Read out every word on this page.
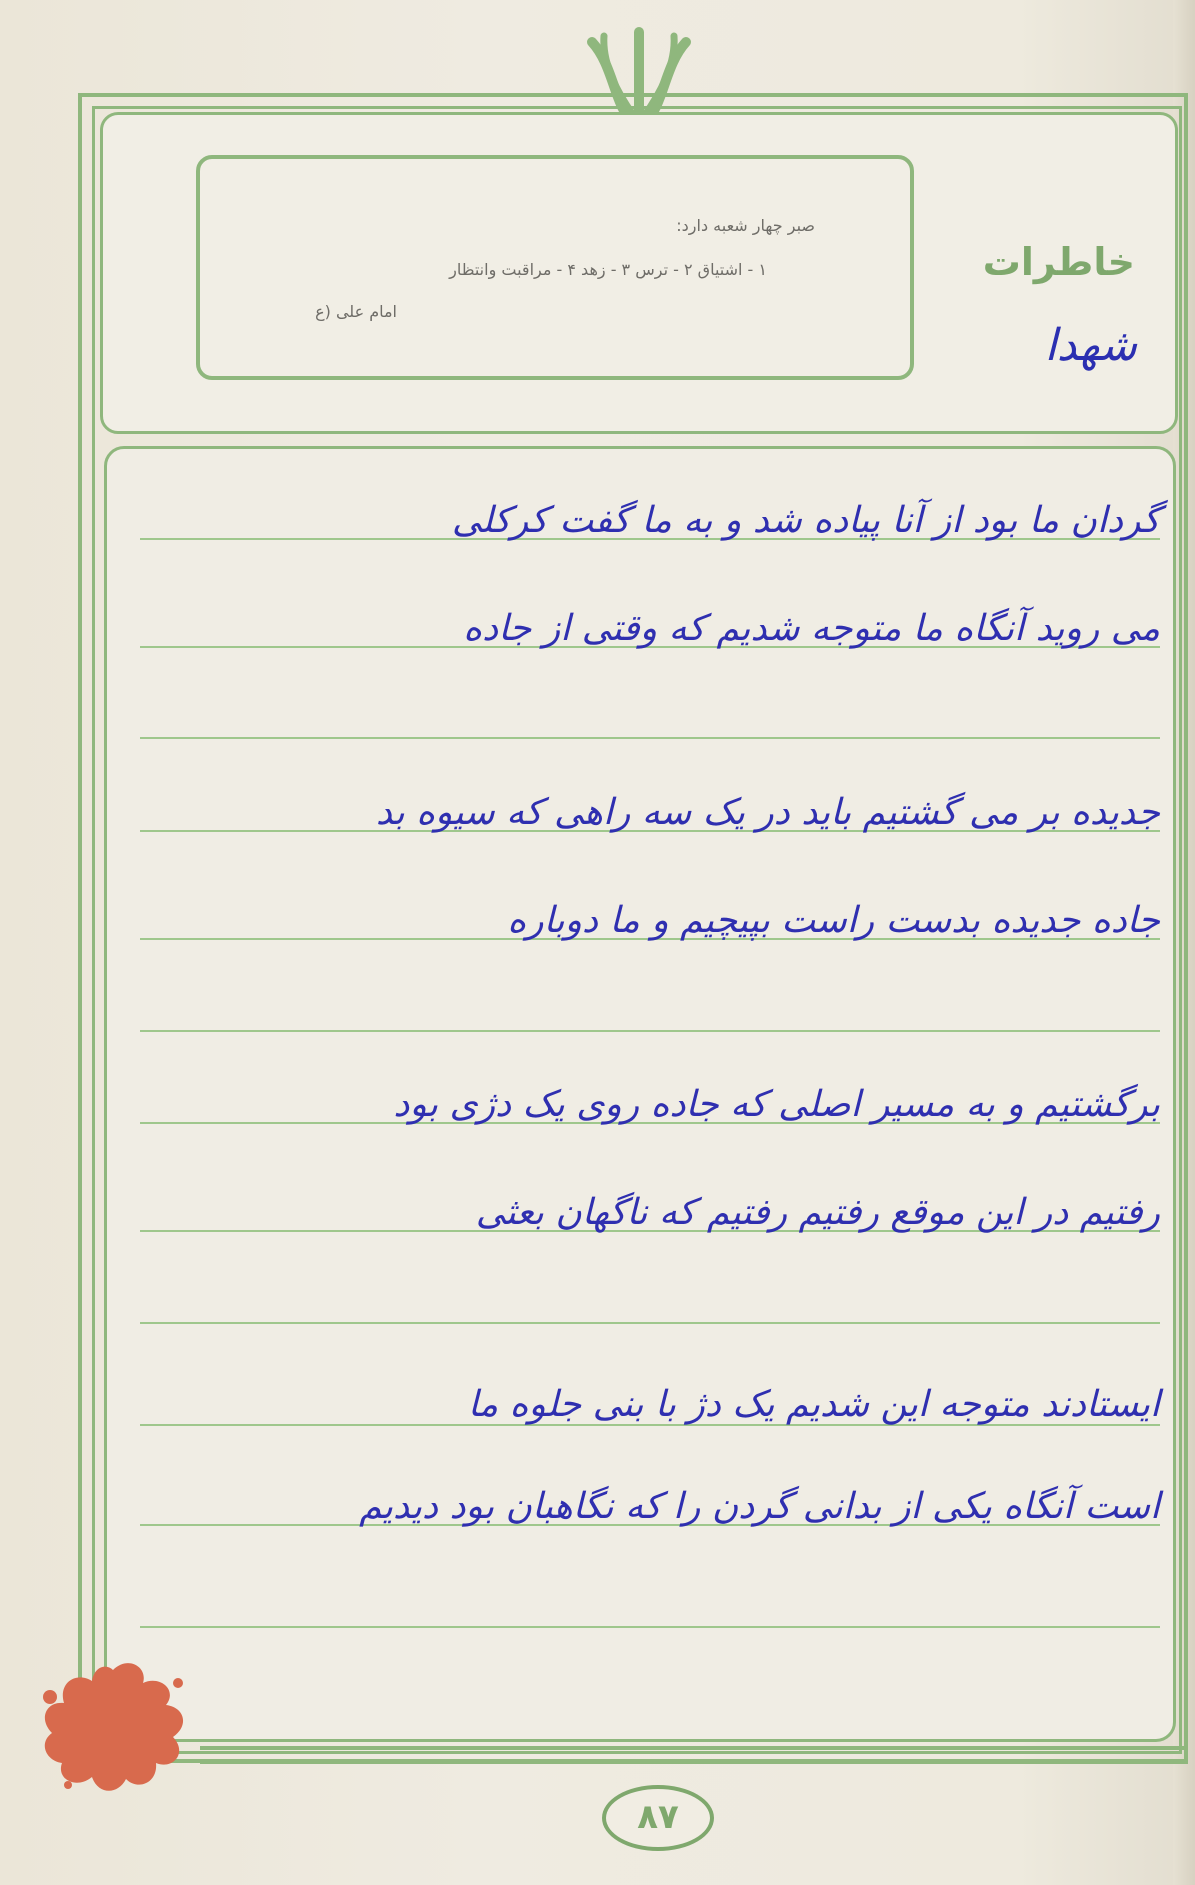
صبر چهار شعبه دارد:
۱ - اشتیاق ۲ - ترس ۳ - زهد ۴ - مراقبت وانتظار
امام علی (ع
خاطرات
شهدا
گردان ما بود از آنا پیاده شد و به ما گفت کرکلی
می روید آنگاه ما متوجه شدیم که وقتی از جاده
جدیده بر می گشتیم باید در یک سه راهی که سیوه بد
جاده جدیده بدست راست بپیچیم و ما دوباره
برگشتیم و به مسیر اصلی که جاده روی یک دژی بود
رفتیم در این موقع رفتیم رفتیم که ناگهان بعثی
ایستادند متوجه این شدیم یک دژ با بنی جلوه ما
است آنگاه یکی از بدانی گردن را که نگاهبان بود دیدیم
۸۷
